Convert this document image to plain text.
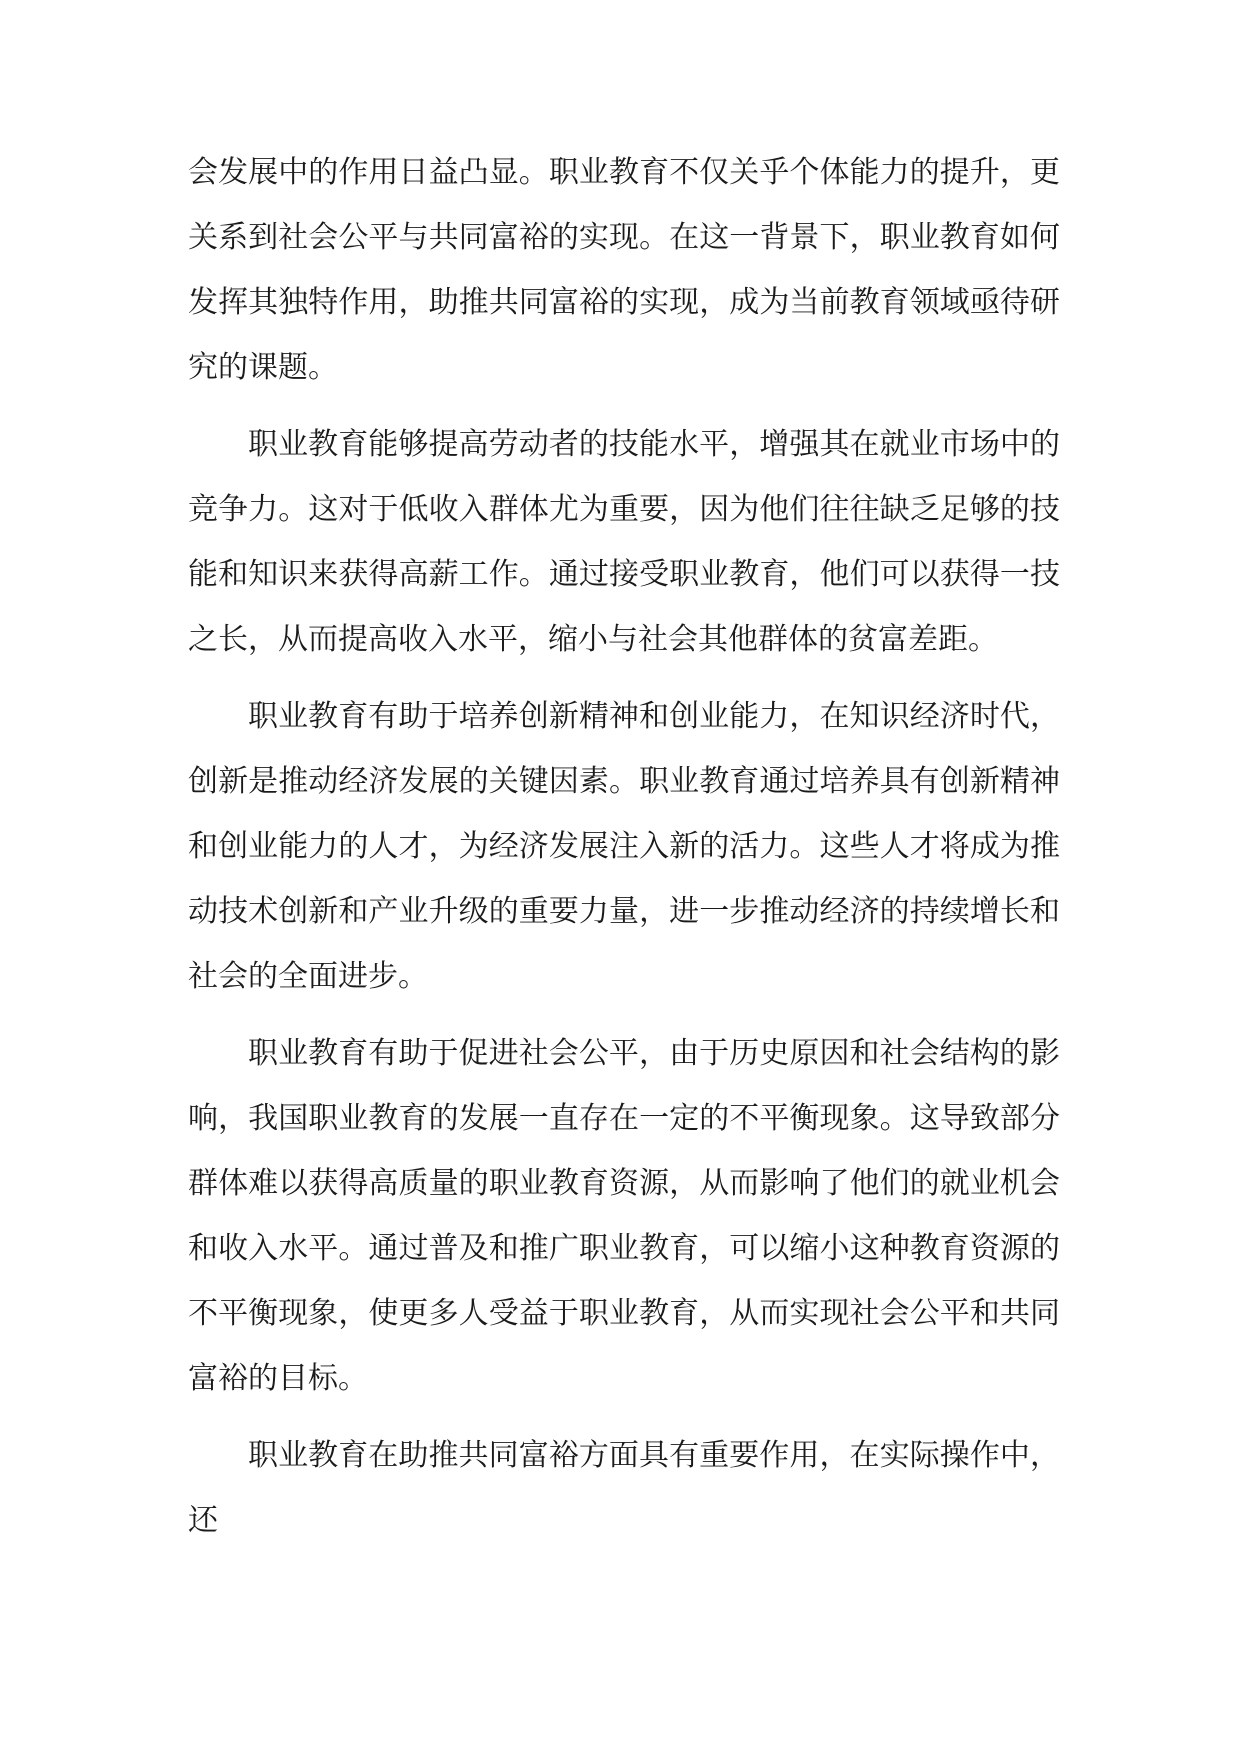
会发展中的作用日益凸显。职业教育不仅关乎个体能力的提升，更关系到社会公平与共同富裕的实现。在这一背景下，职业教育如何发挥其独特作用，助推共同富裕的实现，成为当前教育领域亟待研究的课题。

职业教育能够提高劳动者的技能水平，增强其在就业市场中的竞争力。这对于低收入群体尤为重要，因为他们往往缺乏足够的技能和知识来获得高薪工作。通过接受职业教育，他们可以获得一技之长，从而提高收入水平，缩小与社会其他群体的贫富差距。

职业教育有助于培养创新精神和创业能力，在知识经济时代，创新是推动经济发展的关键因素。职业教育通过培养具有创新精神和创业能力的人才，为经济发展注入新的活力。这些人才将成为推动技术创新和产业升级的重要力量，进一步推动经济的持续增长和社会的全面进步。

职业教育有助于促进社会公平，由于历史原因和社会结构的影响，我国职业教育的发展一直存在一定的不平衡现象。这导致部分群体难以获得高质量的职业教育资源，从而影响了他们的就业机会和收入水平。通过普及和推广职业教育，可以缩小这种教育资源的不平衡现象，使更多人受益于职业教育，从而实现社会公平和共同富裕的目标。

职业教育在助推共同富裕方面具有重要作用，在实际操作中，还
